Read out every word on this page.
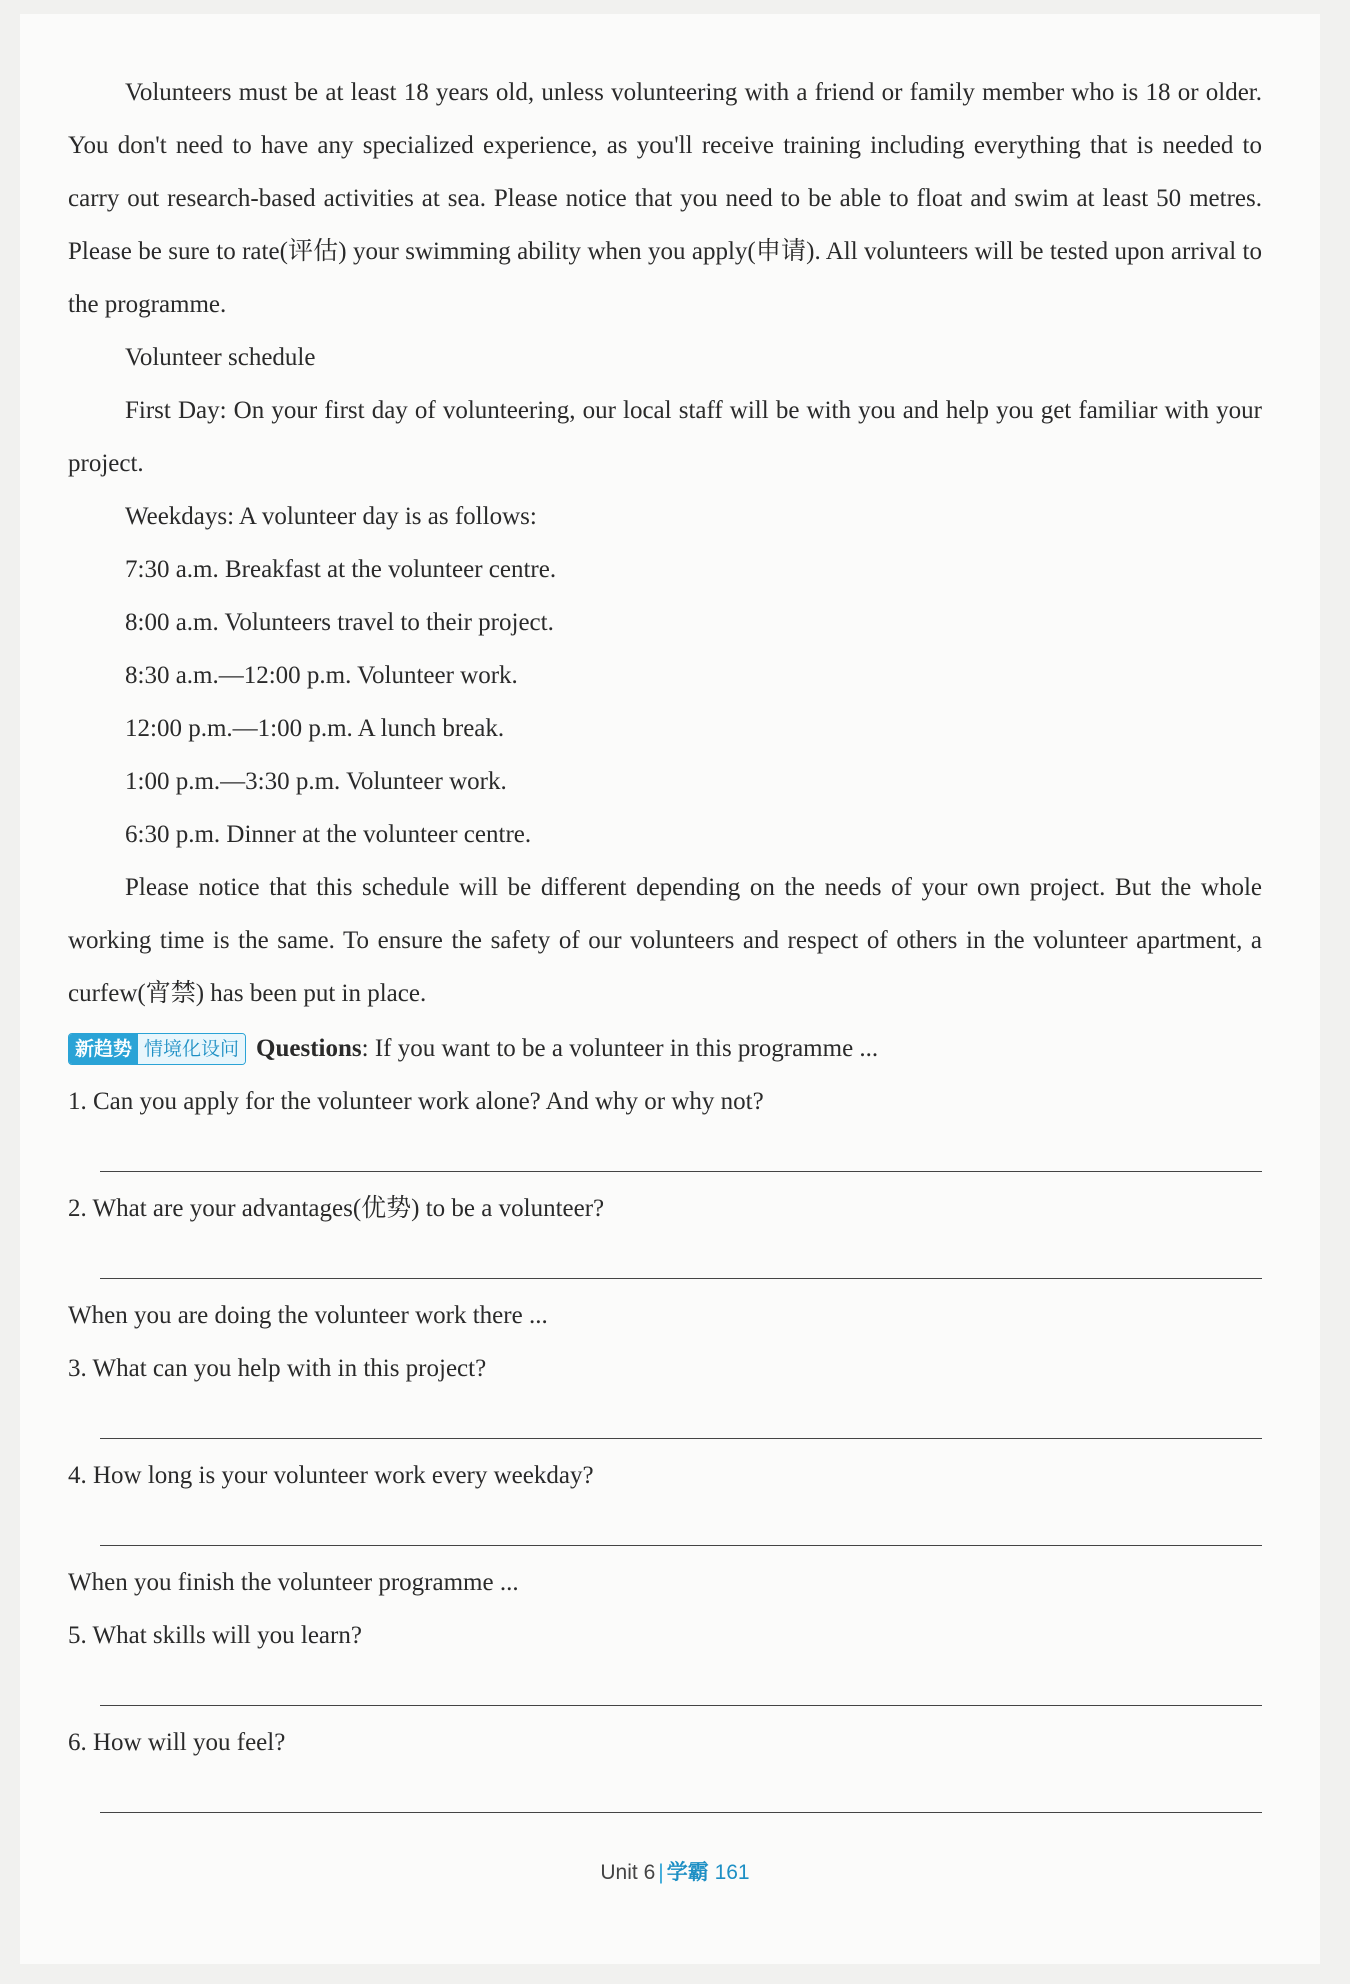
Volunteers must be at least 18 years old, unless volunteering with a friend or family member who is 18 or older. You don't need to have any specialized experience, as you'll receive training including everything that is needed to carry out research-based activities at sea. Please notice that you need to be able to float and swim at least 50 metres. Please be sure to rate(评估) your swimming ability when you apply(申请). All volunteers will be tested upon arrival to the programme.

Volunteer schedule

First Day: On your first day of volunteering, our local staff will be with you and help you get familiar with your project.

Weekdays: A volunteer day is as follows:

7:30 a.m. Breakfast at the volunteer centre.

8:00 a.m. Volunteers travel to their project.

8:30 a.m.—12:00 p.m. Volunteer work.

12:00 p.m.—1:00 p.m. A lunch break.

1:00 p.m.—3:30 p.m. Volunteer work.

6:30 p.m. Dinner at the volunteer centre.

Please notice that this schedule will be different depending on the needs of your own project. But the whole working time is the same. To ensure the safety of our volunteers and respect of others in the volunteer apartment, a curfew(宵禁) has been put in place.

新趋势 情境化设问 Questions : If you want to be a volunteer in this programme ...

1. Can you apply for the volunteer work alone? And why or why not?

2. What are your advantages(优势) to be a volunteer?

When you are doing the volunteer work there ...

3. What can you help with in this project?

4. How long is your volunteer work every weekday?

When you finish the volunteer programme ...

5. What skills will you learn?

6. How will you feel?

Unit 6 | 学霸 161
